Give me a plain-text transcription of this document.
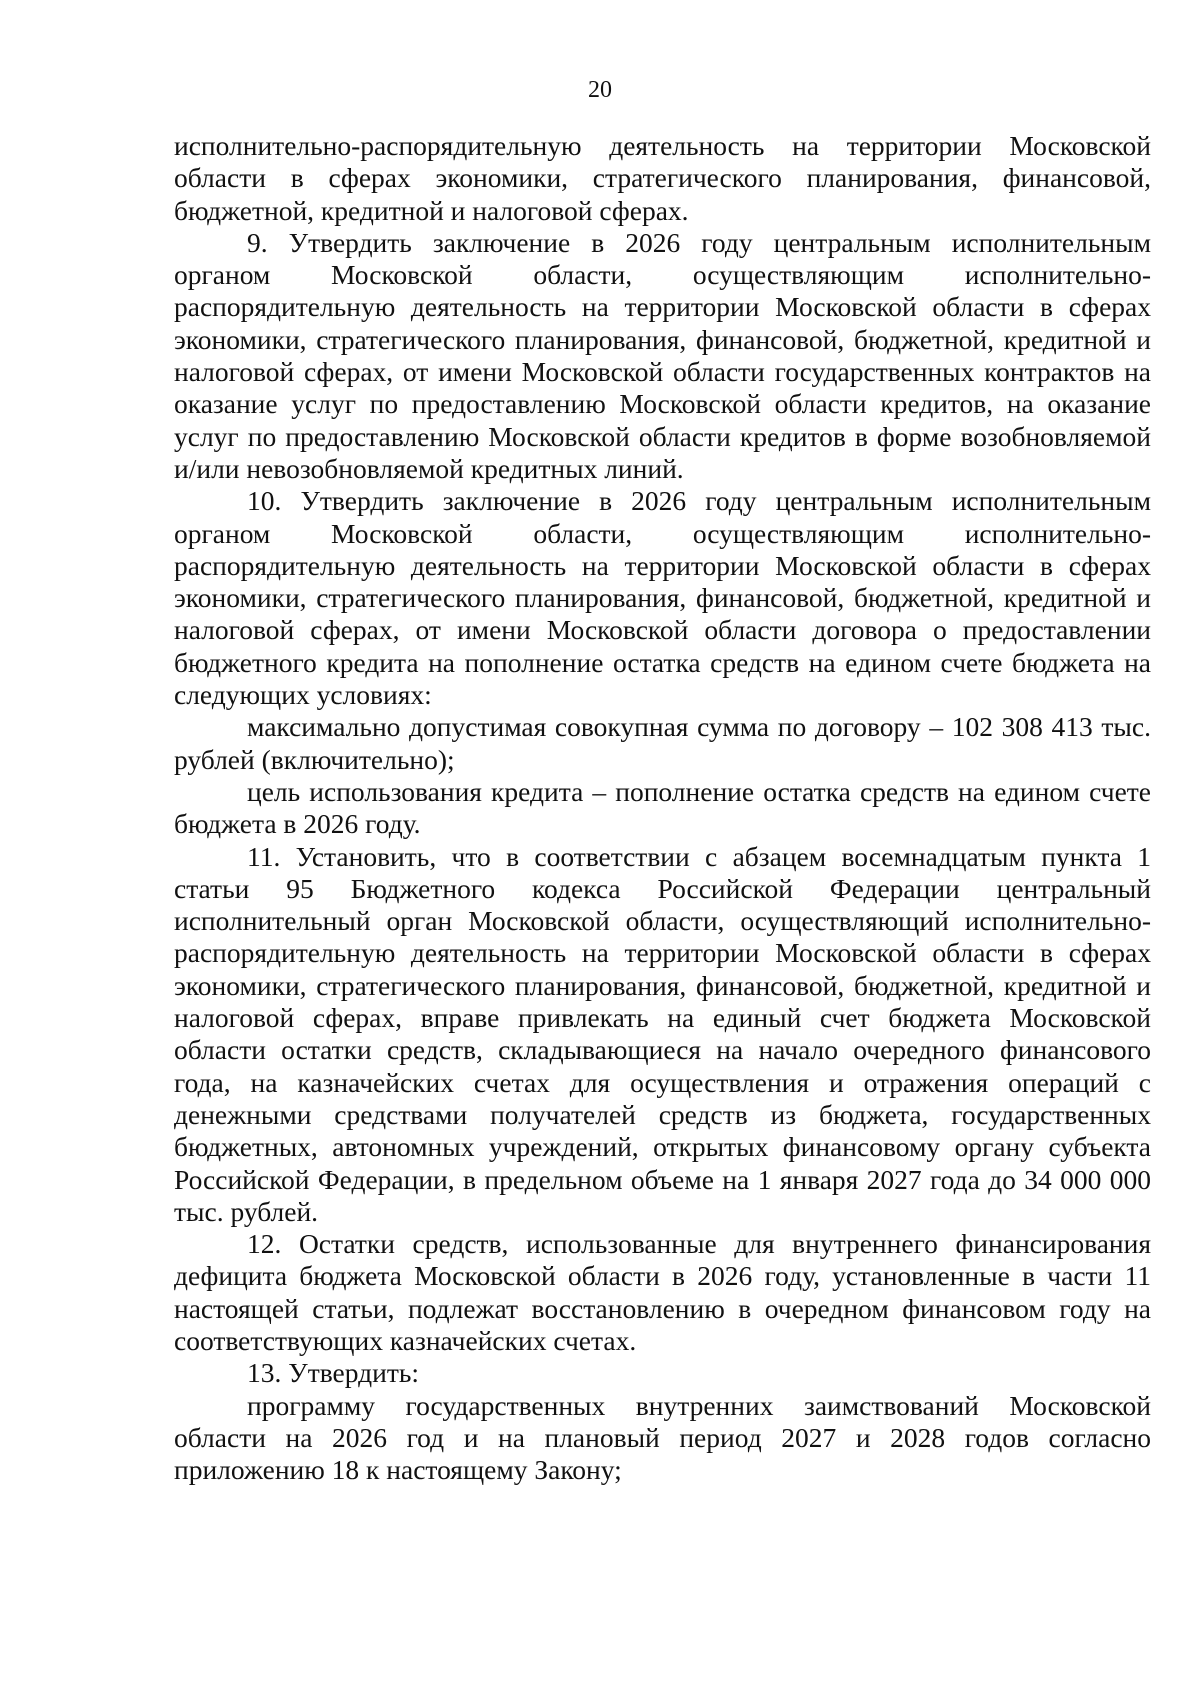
20

исполнительно-распорядительную деятельность на территории Московской области в сферах экономики, стратегического планирования, финансовой, бюджетной, кредитной и налоговой сферах.

9. Утвердить заключение в 2026 году центральным исполнительным органом Московской области, осуществляющим исполнительно-распорядительную деятельность на территории Московской области в сферах экономики, стратегического планирования, финансовой, бюджетной, кредитной и налоговой сферах, от имени Московской области государственных контрактов на оказание услуг по предоставлению Московской области кредитов, на оказание услуг по предоставлению Московской области кредитов в форме возобновляемой и/или невозобновляемой кредитных линий.

10. Утвердить заключение в 2026 году центральным исполнительным органом Московской области, осуществляющим исполнительно-распорядительную деятельность на территории Московской области в сферах экономики, стратегического планирования, финансовой, бюджетной, кредитной и налоговой сферах, от имени Московской области договора о предоставлении бюджетного кредита на пополнение остатка средств на едином счете бюджета на следующих условиях:

максимально допустимая совокупная сумма по договору – 102 308 413 тыс. рублей (включительно);

цель использования кредита – пополнение остатка средств на едином счете бюджета в 2026 году.

11. Установить, что в соответствии с абзацем восемнадцатым пункта 1 статьи 95 Бюджетного кодекса Российской Федерации центральный исполнительный орган Московской области, осуществляющий исполнительно-распорядительную деятельность на территории Московской области в сферах экономики, стратегического планирования, финансовой, бюджетной, кредитной и налоговой сферах, вправе привлекать на единый счет бюджета Московской области остатки средств, складывающиеся на начало очередного финансового года, на казначейских счетах для осуществления и отражения операций с денежными средствами получателей средств из бюджета, государственных бюджетных, автономных учреждений, открытых финансовому органу субъекта Российской Федерации, в предельном объеме на 1 января 2027 года до 34 000 000 тыс. рублей.

12. Остатки средств, использованные для внутреннего финансирования дефицита бюджета Московской области в 2026 году, установленные в части 11 настоящей статьи, подлежат восстановлению в очередном финансовом году на соответствующих казначейских счетах.

13. Утвердить:

программу государственных внутренних заимствований Московской области на 2026 год и на плановый период 2027 и 2028 годов согласно приложению 18 к настоящему Закону;
